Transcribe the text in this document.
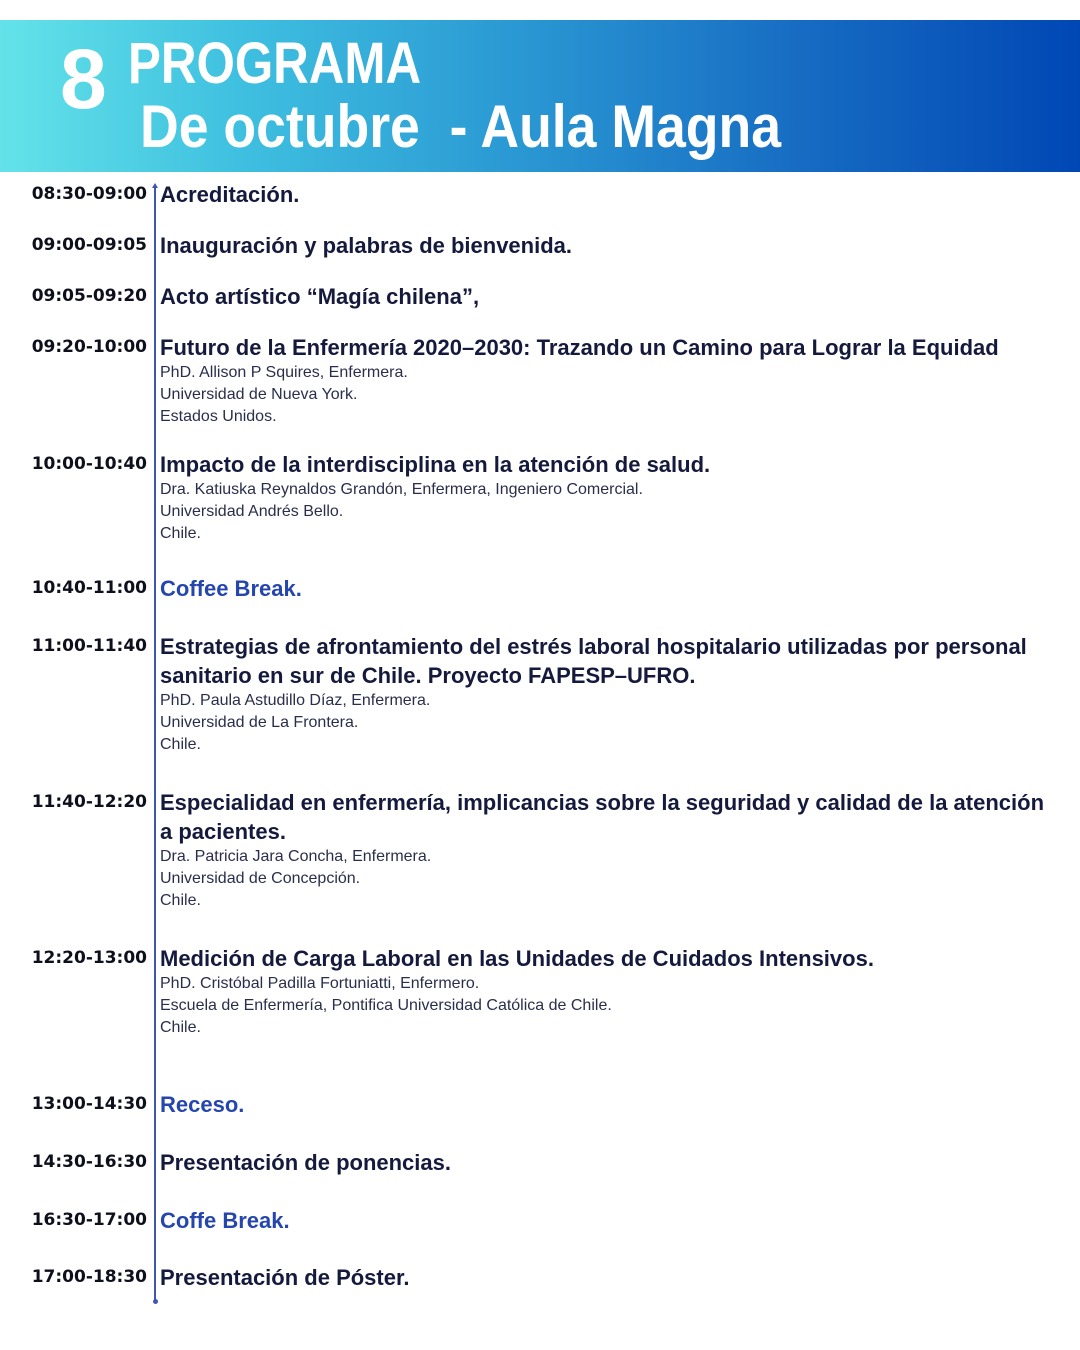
8 PROGRAMA
De octubre  - Aula Magna
08:30-09:00 Acreditación.
09:00-09:05 Inauguración y palabras de bienvenida.
09:05-09:20 Acto artístico “Magía chilena”,
09:20-10:00 Futuro de la Enfermería 2020–2030: Trazando un Camino para Lograr la Equidad
PhD. Allison P Squires, Enfermera.
Universidad de Nueva York.
Estados Unidos.
10:00-10:40 Impacto de la interdisciplina en la atención de salud.
Dra. Katiuska Reynaldos Grandón, Enfermera, Ingeniero Comercial.
Universidad Andrés Bello.
Chile.
10:40-11:00 Coffee Break.
11:00-11:40 Estrategias de afrontamiento del estrés laboral hospitalario utilizadas por personal
sanitario en sur de Chile. Proyecto FAPESP–UFRO.
PhD. Paula Astudillo Díaz, Enfermera.
Universidad de La Frontera.
Chile.
11:40-12:20 Especialidad en enfermería, implicancias sobre la seguridad y calidad de la atención
a pacientes.
Dra. Patricia Jara Concha, Enfermera.
Universidad de Concepción.
Chile.
12:20-13:00 Medición de Carga Laboral en las Unidades de Cuidados Intensivos.
PhD. Cristóbal Padilla Fortuniatti, Enfermero.
Escuela de Enfermería, Pontifica Universidad Católica de Chile.
Chile.
13:00-14:30 Receso.
14:30-16:30 Presentación de ponencias.
16:30-17:00 Coffe Break.
17:00-18:30 Presentación de Póster.
